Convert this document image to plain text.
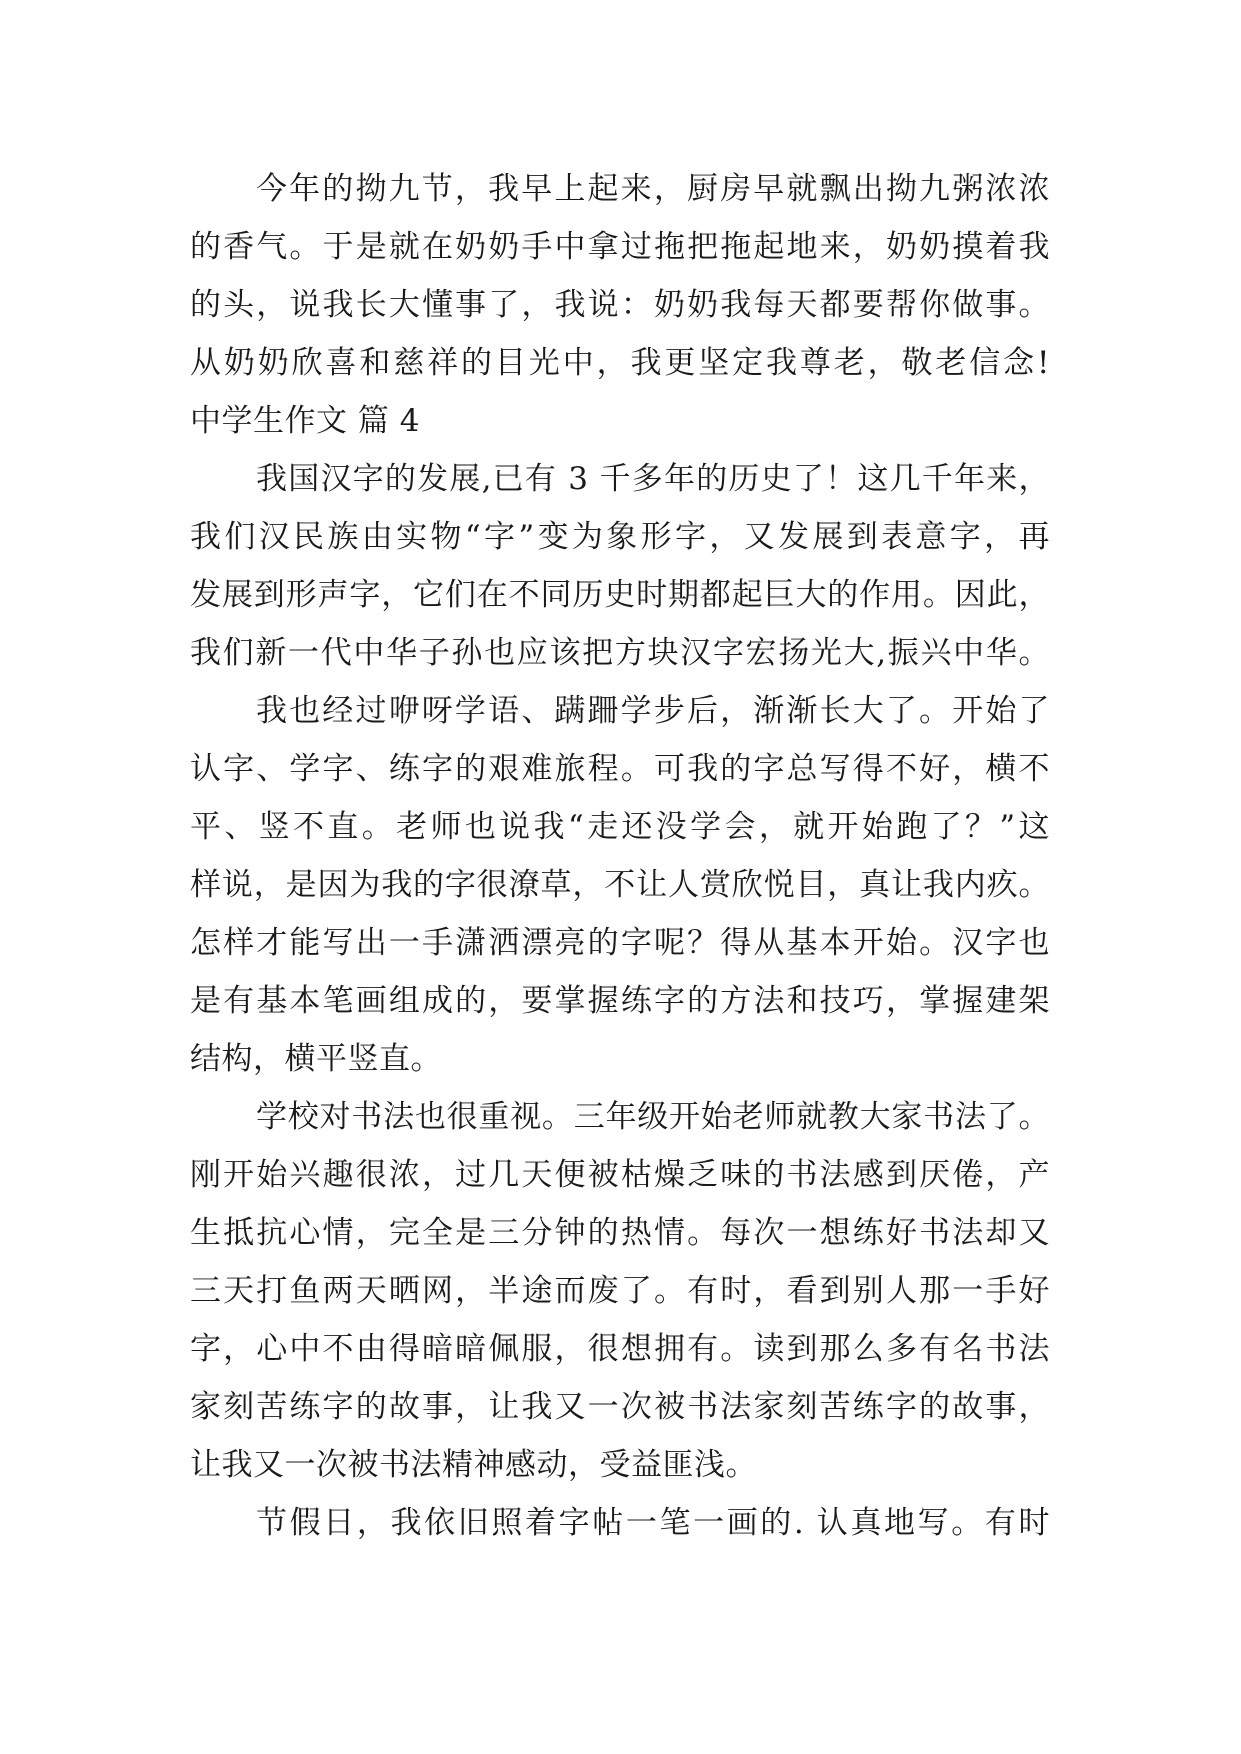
今年的拗九节，我早上起来，厨房早就飘出拗九粥浓浓
的香气。于是就在奶奶手中拿过拖把拖起地来，奶奶摸着我
的头，说我长大懂事了，我说：奶奶我每天都要帮你做事。
从奶奶欣喜和慈祥的目光中，我更坚定我尊老，敬老信念!
中学生作文 篇 4
我国汉字的发展,已有 3 千多年的历史了！这几千年来，
我们汉民族由实物“字”变为象形字，又发展到表意字，再
发展到形声字，它们在不同历史时期都起巨大的作用。因此，
我们新一代中华子孙也应该把方块汉字宏扬光大,振兴中华。
我也经过咿呀学语、蹒跚学步后，渐渐长大了。开始了
认字、学字、练字的艰难旅程。可我的字总写得不好，横不
平、竖不直。老师也说我“走还没学会，就开始跑了？”这
样说，是因为我的字很潦草，不让人赏欣悦目，真让我内疚。
怎样才能写出一手潇洒漂亮的字呢？得从基本开始。汉字也
是有基本笔画组成的，要掌握练字的方法和技巧，掌握建架
结构，横平竖直。
学校对书法也很重视。三年级开始老师就教大家书法了。
刚开始兴趣很浓，过几天便被枯燥乏味的书法感到厌倦，产
生抵抗心情，完全是三分钟的热情。每次一想练好书法却又
三天打鱼两天晒网，半途而废了。有时，看到别人那一手好
字，心中不由得暗暗佩服，很想拥有。读到那么多有名书法
家刻苦练字的故事，让我又一次被书法家刻苦练字的故事，
让我又一次被书法精神感动，受益匪浅。
节假日，我依旧照着字帖一笔一画的. 认真地写。有时
